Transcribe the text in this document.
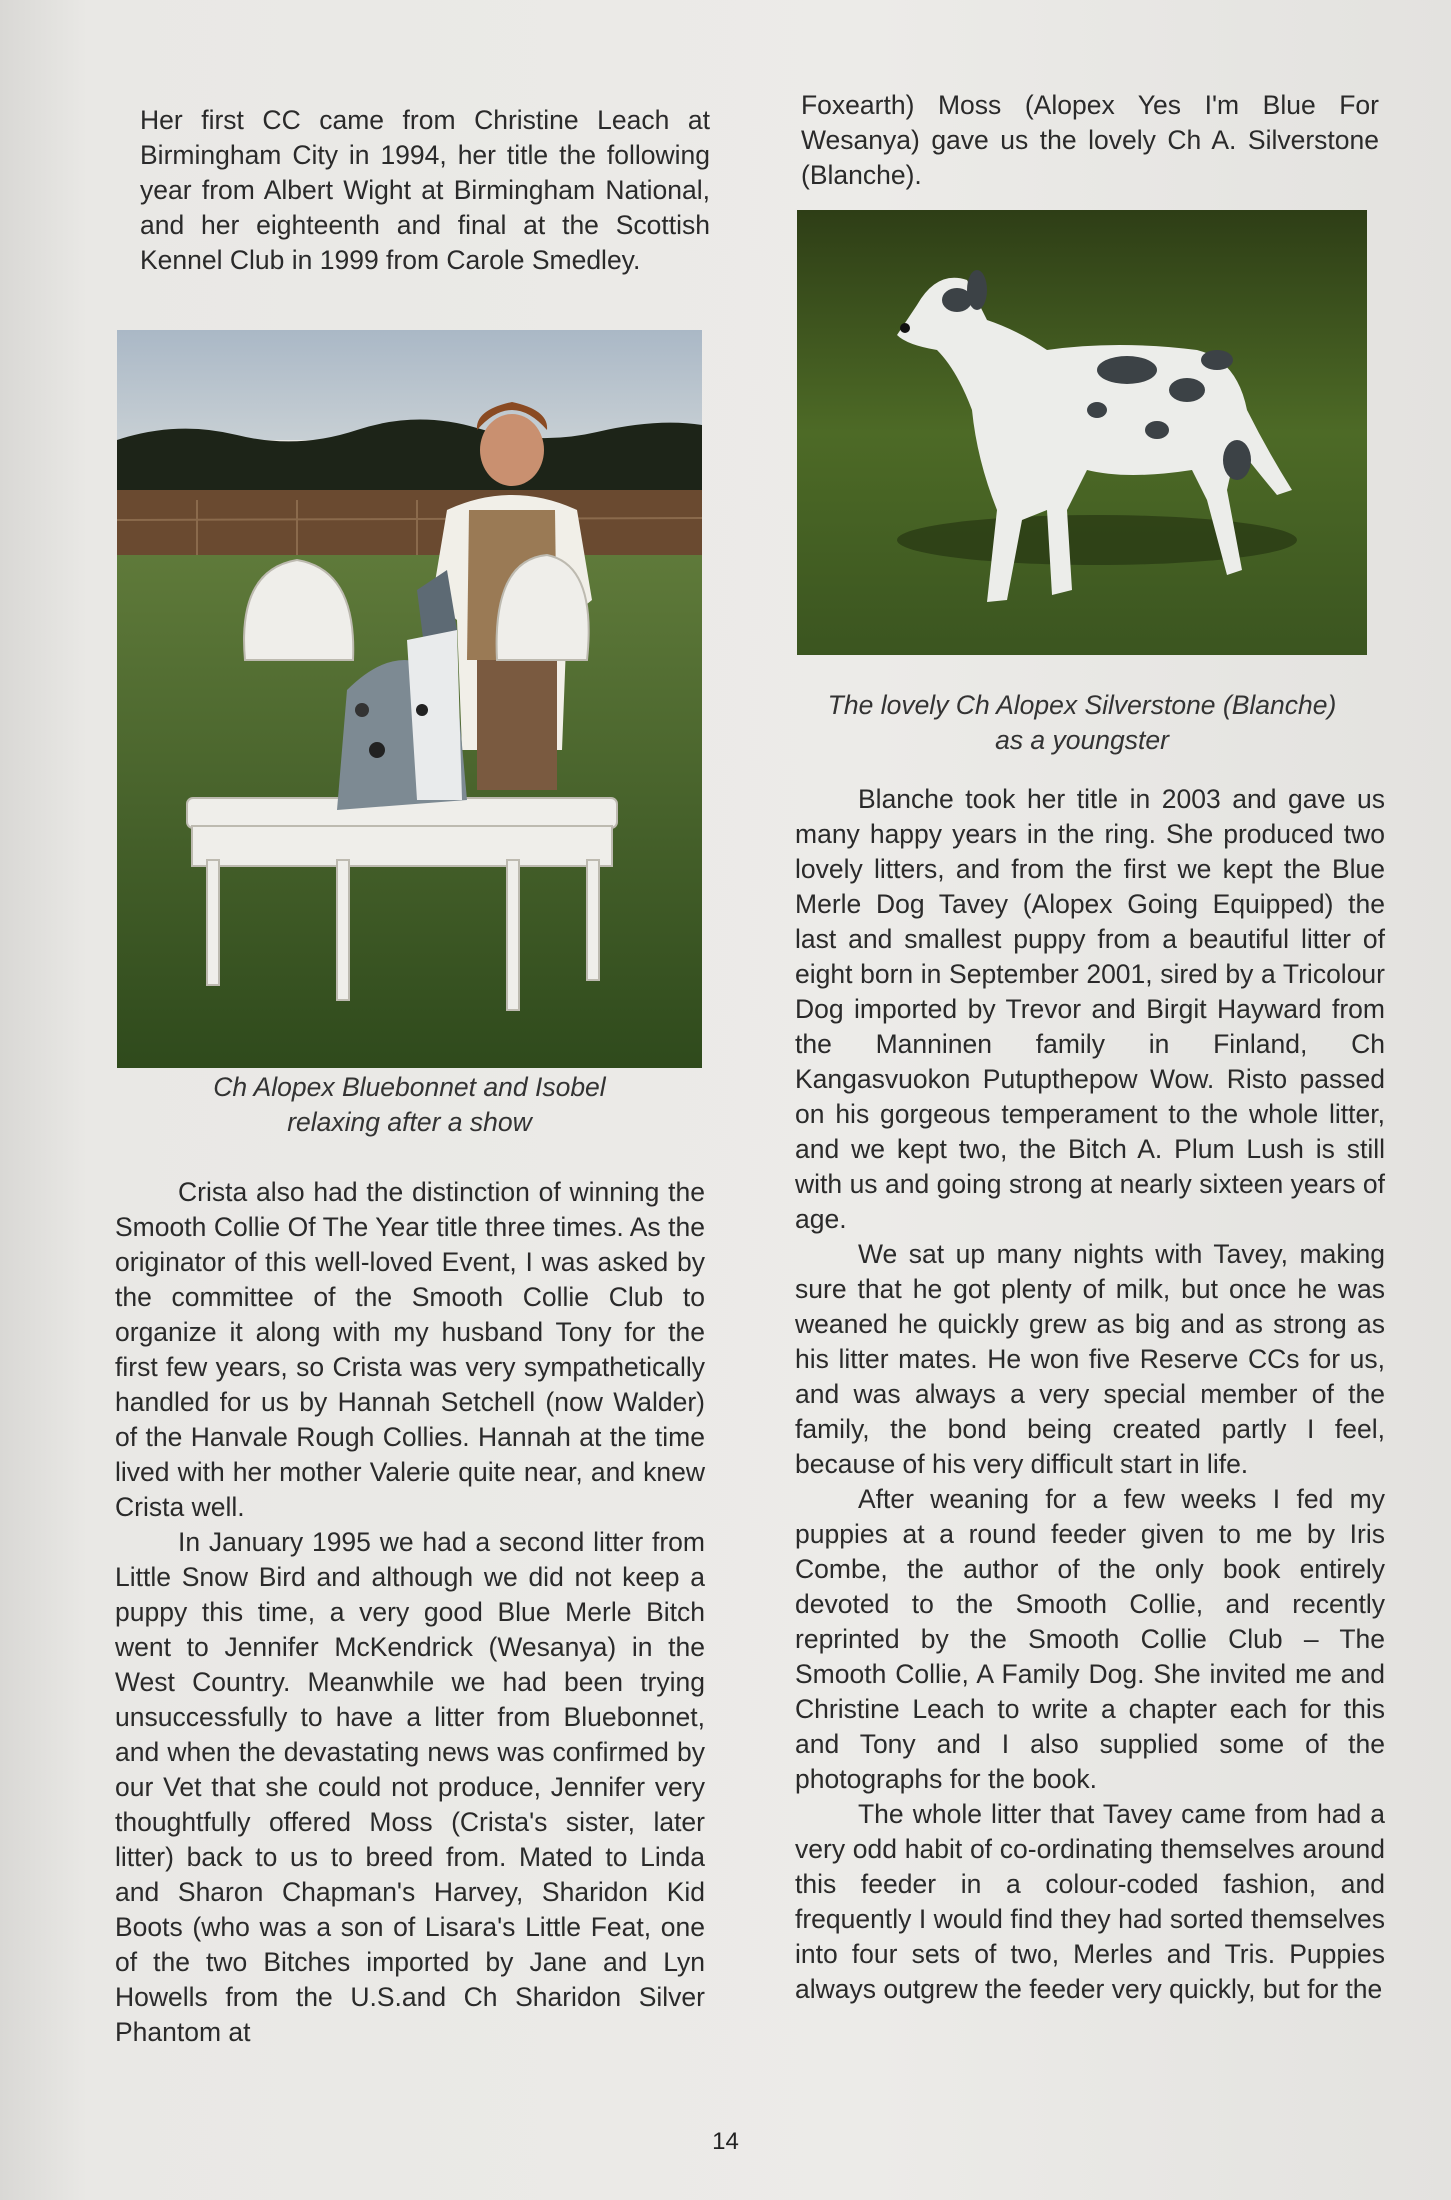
Her first CC came from Christine Leach at Birmingham City in 1994, her title the following year from Albert Wight at Birmingham National, and her eighteenth and final at the Scottish Kennel Club in 1999 from Carole Smedley.

Ch Alopex Bluebonnet and Isobel
relaxing after a show

Crista also had the distinction of winning the Smooth Collie Of The Year title three times. As the originator of this well-loved Event, I was asked by the committee of the Smooth Collie Club to organize it along with my husband Tony for the first few years, so Crista was very sympathetically handled for us by Hannah Setchell (now Walder) of the Hanvale Rough Collies. Hannah at the time lived with her mother Valerie quite near, and knew Crista well.

In January 1995 we had a second litter from Little Snow Bird and although we did not keep a puppy this time, a very good Blue Merle Bitch went to Jennifer McKendrick (Wesanya) in the West Country. Meanwhile we had been trying unsuccessfully to have a litter from Bluebonnet, and when the devastating news was confirmed by our Vet that she could not produce, Jennifer very thoughtfully offered Moss (Crista's sister, later litter) back to us to breed from. Mated to Linda and Sharon Chapman's Harvey, Sharidon Kid Boots (who was a son of Lisara's Little Feat, one of the two Bitches imported by Jane and Lyn Howells from the U.S.and Ch Sharidon Silver Phantom at

Foxearth) Moss (Alopex Yes I'm Blue For Wesanya) gave us the lovely Ch A. Silverstone (Blanche).

The lovely Ch Alopex Silverstone (Blanche)
as a youngster

Blanche took her title in 2003 and gave us many happy years in the ring. She produced two lovely litters, and from the first we kept the Blue Merle Dog Tavey (Alopex Going Equipped) the last and smallest puppy from a beautiful litter of eight born in September 2001, sired by a Tricolour Dog imported by Trevor and Birgit Hayward from the Manninen family in Finland, Ch Kangasvuokon Putupthepow Wow. Risto passed on his gorgeous temperament to the whole litter, and we kept two, the Bitch A. Plum Lush is still with us and going strong at nearly sixteen years of age.

We sat up many nights with Tavey, making sure that he got plenty of milk, but once he was weaned he quickly grew as big and as strong as his litter mates. He won five Reserve CCs for us, and was always a very special member of the family, the bond being created partly I feel, because of his very difficult start in life.

After weaning for a few weeks I fed my puppies at a round feeder given to me by Iris Combe, the author of the only book entirely devoted to the Smooth Collie, and recently reprinted by the Smooth Collie Club – The Smooth Collie, A Family Dog. She invited me and Christine Leach to write a chapter each for this and Tony and I also supplied some of the photographs for the book.

The whole litter that Tavey came from had a very odd habit of co-ordinating themselves around this feeder in a colour-coded fashion, and frequently I would find they had sorted themselves into four sets of two, Merles and Tris. Puppies always outgrew the feeder very quickly, but for the

14
